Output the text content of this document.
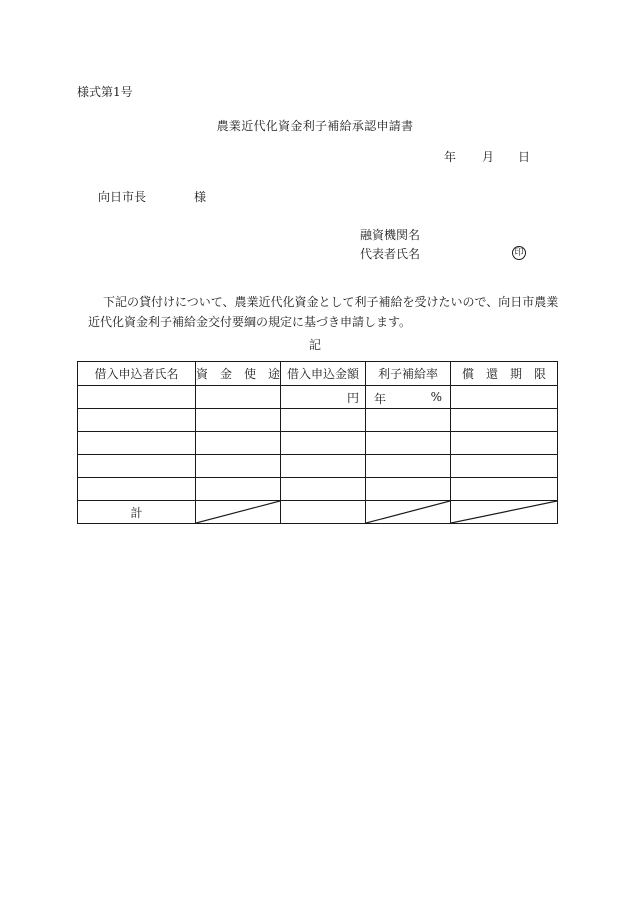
様式第1号
農業近代化資金利子補給承認申請書
年 月 日
向日市長	様
融資機関名
代表者氏名	印
下記の貸付けについて、農業近代化資金として利子補給を受けたいので、向日市農業
近代化資金利子補給金交付要綱の規定に基づき申請します。
記
借入申込者氏名	資　金　使　途	借入申込金額	利子補給率	償　還　期　限
		円	年 %	

計	
